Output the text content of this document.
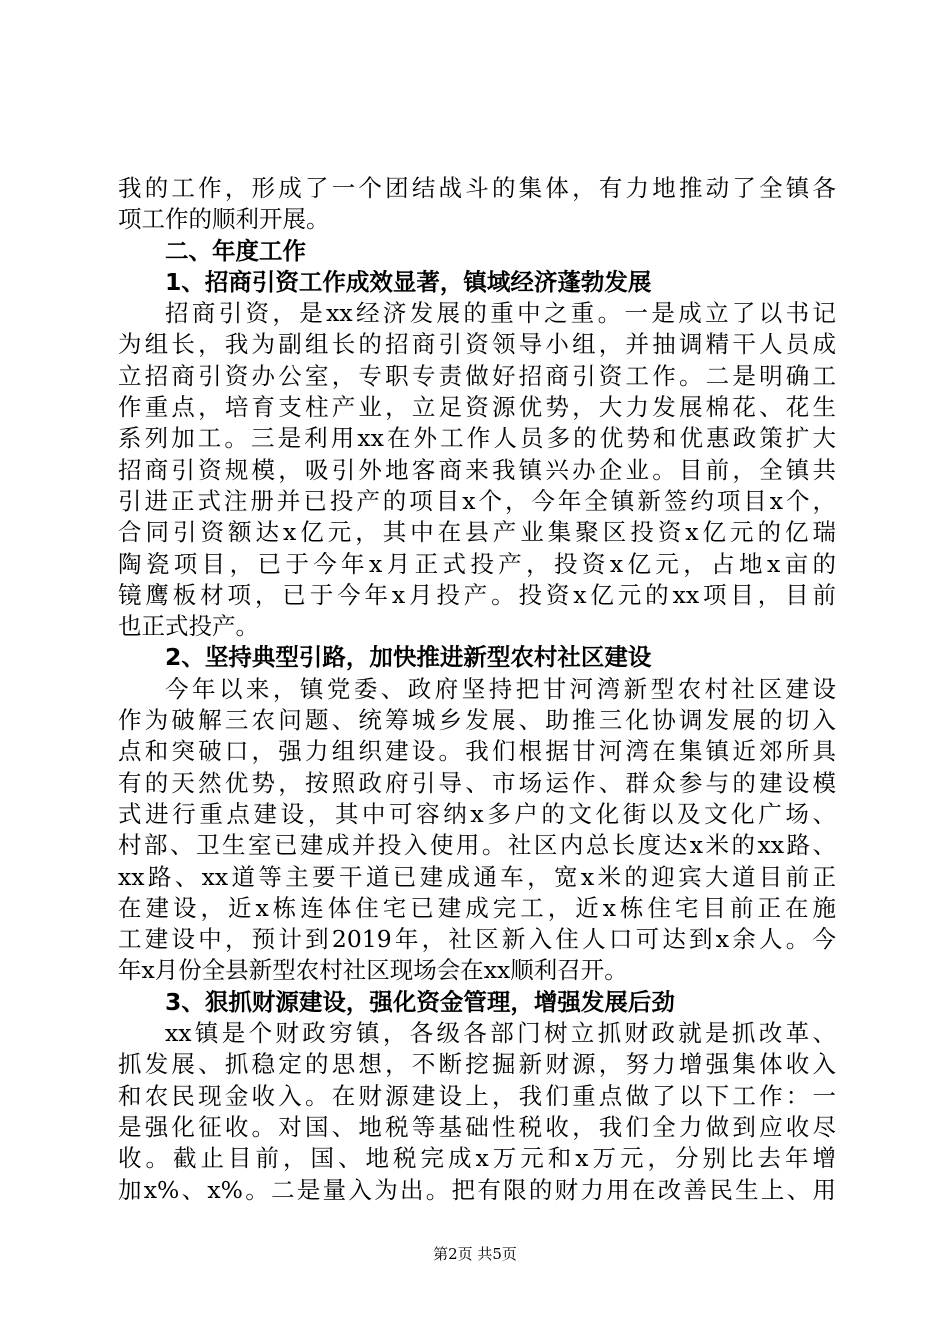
我的工作，形成了一个团结战斗的集体，有力地推动了全镇各
项工作的顺利开展。
二、年度工作
1、招商引资工作成效显著，镇域经济蓬勃发展
招商引资，是xx经济发展的重中之重。一是成立了以书记
为组长，我为副组长的招商引资领导小组，并抽调精干人员成
立招商引资办公室，专职专责做好招商引资工作。二是明确工
作重点，培育支柱产业，立足资源优势，大力发展棉花、花生
系列加工。三是利用xx在外工作人员多的优势和优惠政策扩大
招商引资规模，吸引外地客商来我镇兴办企业。目前，全镇共
引进正式注册并已投产的项目x个，今年全镇新签约项目x个，
合同引资额达x亿元，其中在县产业集聚区投资x亿元的亿瑞
陶瓷项目，已于今年x月正式投产，投资x亿元，占地x亩的
镜鹰板材项，已于今年x月投产。投资x亿元的xx项目，目前
也正式投产。
2、坚持典型引路，加快推进新型农村社区建设
今年以来，镇党委、政府坚持把甘河湾新型农村社区建设
作为破解三农问题、统筹城乡发展、助推三化协调发展的切入
点和突破口，强力组织建设。我们根据甘河湾在集镇近郊所具
有的天然优势，按照政府引导、市场运作、群众参与的建设模
式进行重点建设，其中可容纳x多户的文化街以及文化广场、
村部、卫生室已建成并投入使用。社区内总长度达x米的xx路、
xx路、xx道等主要干道已建成通车，宽x米的迎宾大道目前正
在建设，近x栋连体住宅已建成完工，近x栋住宅目前正在施
工建设中，预计到2019年，社区新入住人口可达到x余人。今
年x月份全县新型农村社区现场会在xx顺利召开。
3、狠抓财源建设，强化资金管理，增强发展后劲
xx镇是个财政穷镇，各级各部门树立抓财政就是抓改革、
抓发展、抓稳定的思想，不断挖掘新财源，努力增强集体收入
和农民现金收入。在财源建设上，我们重点做了以下工作：一
是强化征收。对国、地税等基础性税收，我们全力做到应收尽
收。截止目前，国、地税完成x万元和x万元，分别比去年增
加x%、x%。二是量入为出。把有限的财力用在改善民生上、用
第2页 共5页
